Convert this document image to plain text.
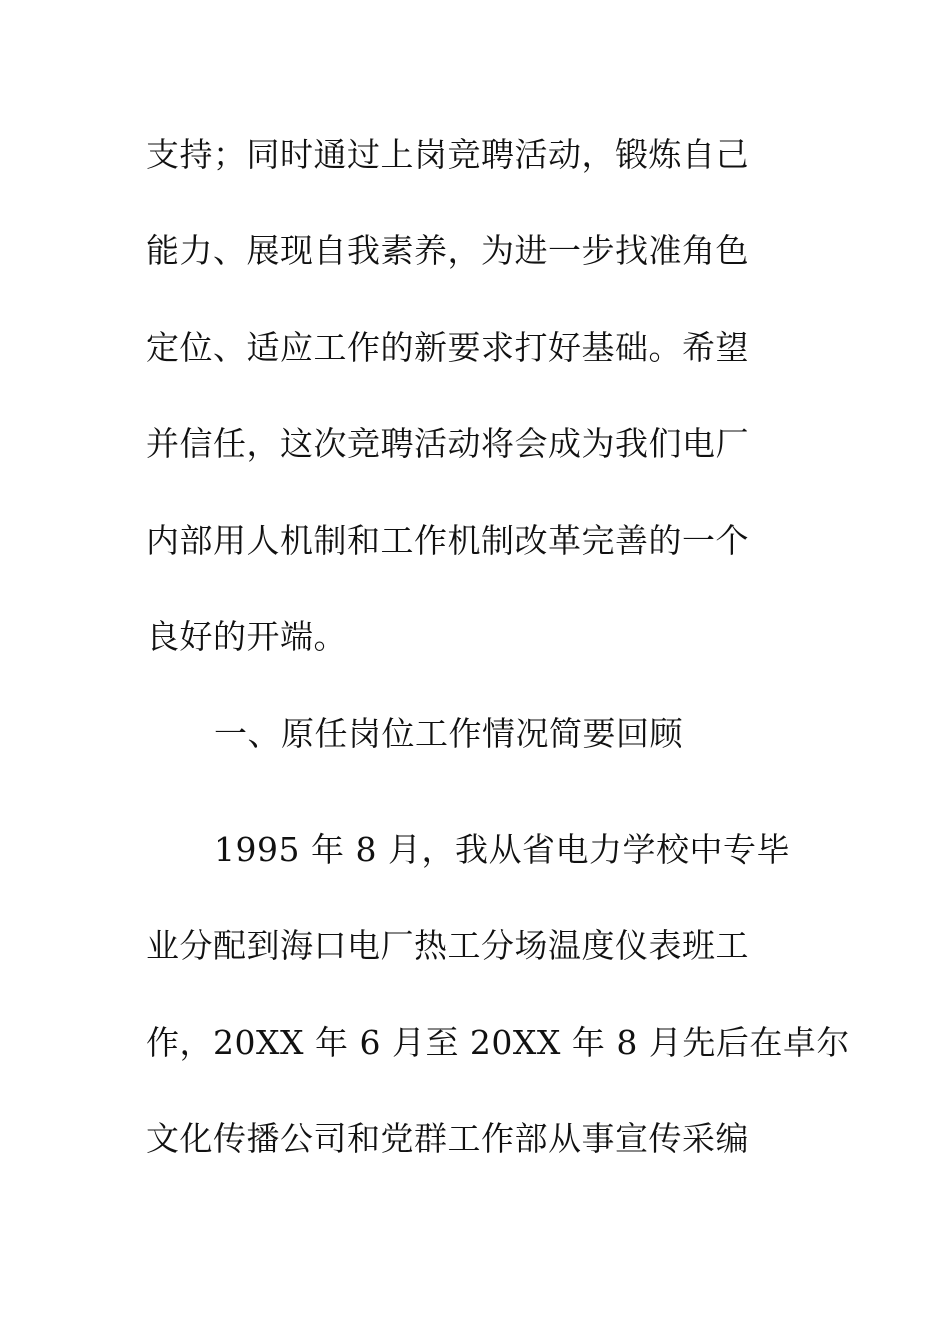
支持；同时通过上岗竞聘活动，锻炼自己
能力、展现自我素养，为进一步找准角色
定位、适应工作的新要求打好基础。希望
并信任，这次竞聘活动将会成为我们电厂
内部用人机制和工作机制改革完善的一个
良好的开端。
一、原任岗位工作情况简要回顾
1995 年 8 月，我从省电力学校中专毕
业分配到海口电厂热工分场温度仪表班工
作，20XX 年 6 月至 20XX 年 8 月先后在卓尔
文化传播公司和党群工作部从事宣传采编
